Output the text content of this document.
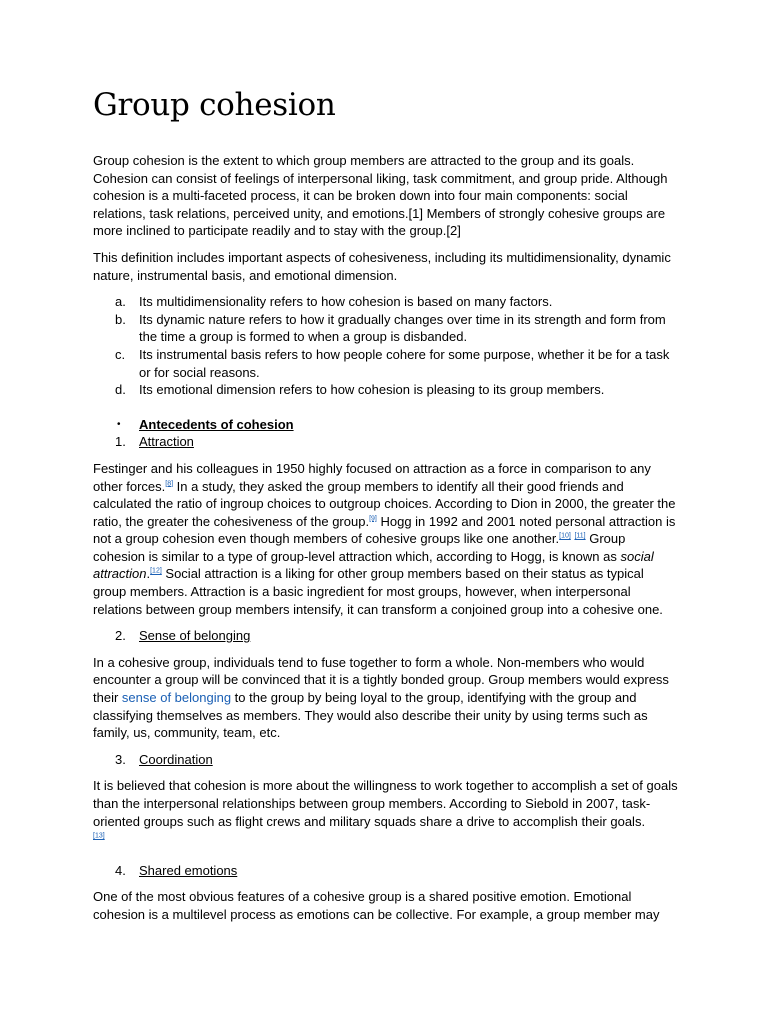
Group cohesion

Group cohesion is the extent to which group members are attracted to the group and its goals. Cohesion can consist of feelings of interpersonal liking, task commitment, and group pride. Although cohesion is a multi-faceted process, it can be broken down into four main components: social relations, task relations, perceived unity, and emotions.[1] Members of strongly cohesive groups are more inclined to participate readily and to stay with the group.[2]

This definition includes important aspects of cohesiveness, including its multidimensionality, dynamic nature, instrumental basis, and emotional dimension.

a. Its multidimensionality refers to how cohesion is based on many factors.
b. Its dynamic nature refers to how it gradually changes over time in its strength and form from the time a group is formed to when a group is disbanded.
c. Its instrumental basis refers to how people cohere for some purpose, whether it be for a task or for social reasons.
d. Its emotional dimension refers to how cohesion is pleasing to its group members.
• Antecedents of cohesion
1. Attraction

Festinger and his colleagues in 1950 highly focused on attraction as a force in comparison to any other forces.[8] In a study, they asked the group members to identify all their good friends and calculated the ratio of ingroup choices to outgroup choices. According to Dion in 2000, the greater the ratio, the greater the cohesiveness of the group.[9] Hogg in 1992 and 2001 noted personal attraction is not a group cohesion even though members of cohesive groups like one another.[10] [11] Group cohesion is similar to a type of group-level attraction which, according to Hogg, is known as social attraction.[12] Social attraction is a liking for other group members based on their status as typical group members. Attraction is a basic ingredient for most groups, however, when interpersonal relations between group members intensify, it can transform a conjoined group into a cohesive one.

2. Sense of belonging

In a cohesive group, individuals tend to fuse together to form a whole. Non-members who would encounter a group will be convinced that it is a tightly bonded group. Group members would express their sense of belonging to the group by being loyal to the group, identifying with the group and classifying themselves as members. They would also describe their unity by using terms such as family, us, community, team, etc.

3. Coordination

It is believed that cohesion is more about the willingness to work together to accomplish a set of goals than the interpersonal relationships between group members. According to Siebold in 2007, task-oriented groups such as flight crews and military squads share a drive to accomplish their goals.
[13]

4. Shared emotions

One of the most obvious features of a cohesive group is a shared positive emotion. Emotional cohesion is a multilevel process as emotions can be collective. For example, a group member may
